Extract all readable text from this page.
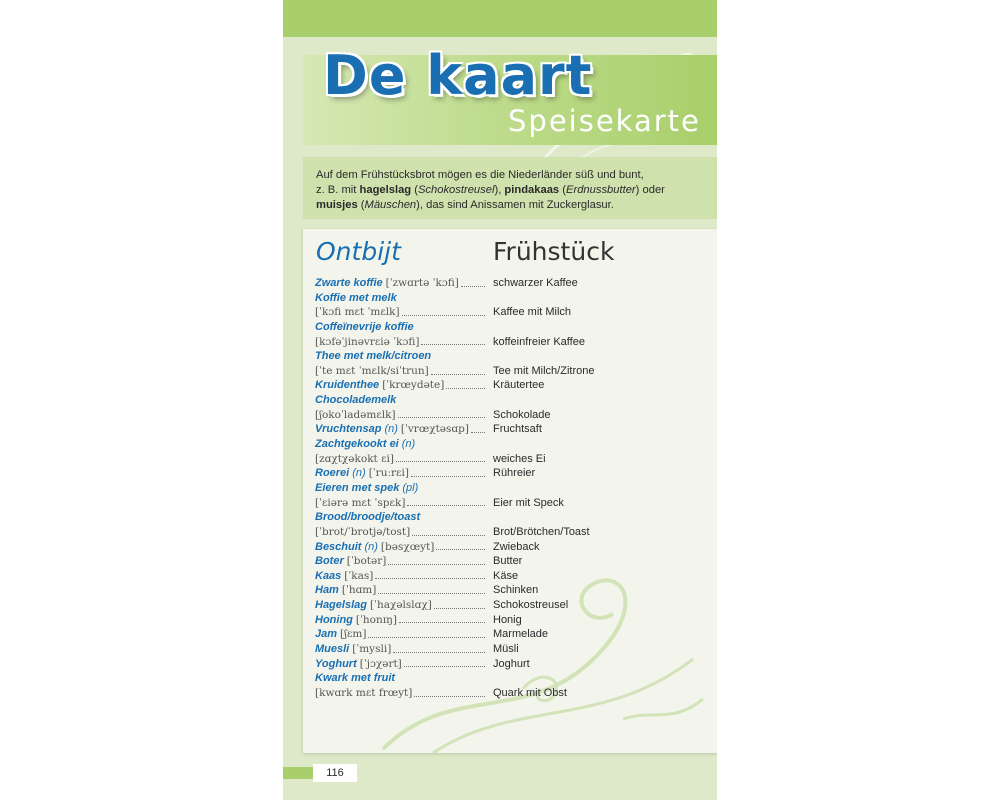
De kaart
Speisekarte

Auf dem Frühstücksbrot mögen es die Niederländer süß und bunt,
z. B. mit hagelslag (Schokostreusel), pindakaas (Erdnussbutter) oder
muisjes (Mäuschen), das sind Anissamen mit Zuckerglasur.

Ontbijt	Frühstück
Zwarte koffie [ˈzwɑrtə ˈkɔfi]	schwarzer Kaffee
Koffie met melk
[ˈkɔfi mɛt ˈmɛlk]	Kaffee mit Milch
Coffeïnevrije koffie
[kɔfəˈjinəvrɛiə ˈkɔfi]	koffeinfreier Kaffee
Thee met melk/citroen
[ˈte mɛt ˈmɛlk/siˈtrun]	Tee mit Milch/Zitrone
Kruidenthee [ˈkrœydəte]	Kräutertee
Chocolademelk
[ʃokoˈladəmɛlk]	Schokolade
Vruchtensap (n) [ˈvrœχtəsɑp] Fruchtsaft
Zachtgekookt ei (n)
[zɑχtχəkokt ɛi]	weiches Ei
Roerei (n) [ˈruːrɛi]	Rühreier
Eieren met spek (pl)
[ˈɛiərə mɛt ˈspɛk]	Eier mit Speck
Brood/broodje/toast
[ˈbrot/ˈbrotjə/tost]	Brot/Brötchen/Toast
Beschuit (n) [bəsχœyt]	Zwieback
Boter [ˈbotər]	Butter
Kaas [ˈkas]	Käse
Ham [ˈhɑm]	Schinken
Hagelslag [ˈhaχəlslɑχ]	Schokostreusel
Honing [ˈhonɪŋ]	Honig
Jam [ʃɛm]	Marmelade
Muesli [ˈmysli]	Müsli
Yoghurt [ˈjɔχərt]	Joghurt
Kwark met fruit
[kwɑrk mɛt frœyt]	Quark mit Obst
116
